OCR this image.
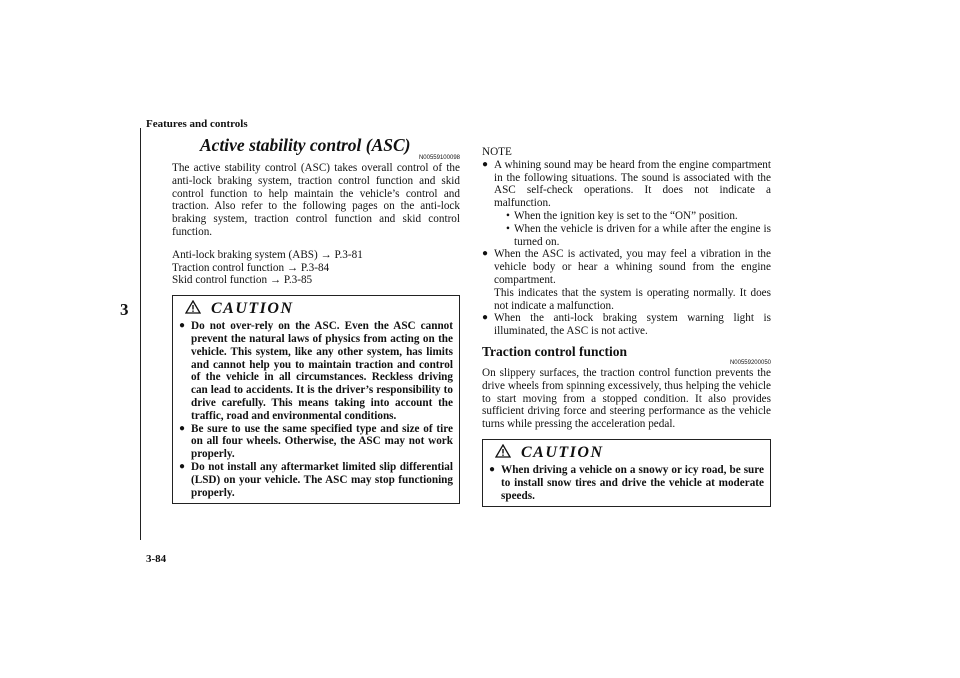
Features and controls
3
Active stability control (ASC)
N00559100098

The active stability control (ASC) takes overall control of the anti-lock braking system, traction control function and skid control function to help maintain the vehicle’s control and traction. Also refer to the following pages on the anti-lock braking system, traction control function and skid control function.

Anti-lock braking system (ABS) → P.3-81

Traction control function → P.3-84

Skid control function → P.3-85

CAUTION
● Do not over-rely on the ASC. Even the ASC cannot prevent the natural laws of physics from acting on the vehicle. This system, like any other system, has limits and cannot help you to maintain traction and control of the vehicle in all circumstances. Reckless driving can lead to accidents. It is the driver’s responsibility to drive carefully. This means taking into account the traffic, road and environmental conditions.
● Be sure to use the same specified type and size of tire on all four wheels. Otherwise, the ASC may not work properly.
● Do not install any aftermarket limited slip differential (LSD) on your vehicle. The ASC may stop functioning properly.
NOTE
● A whining sound may be heard from the engine compartment in the following situations. The sound is associated with the ASC self-check operations. It does not indicate a malfunction.

• When the ignition key is set to the “ON” position.
• When the vehicle is driven for a while after the engine is turned on.
● When the ASC is activated, you may feel a vibration in the vehicle body or hear a whining sound from the engine compartment.

This indicates that the system is operating normally. It does not indicate a malfunction.

● When the anti-lock braking system warning light is illuminated, the ASC is not active.

Traction control function
N00559200050

On slippery surfaces, the traction control function prevents the drive wheels from spinning excessively, thus helping the vehicle to start moving from a stopped condition. It also provides sufficient driving force and steering performance as the vehicle turns while pressing the acceleration pedal.

CAUTION
● When driving a vehicle on a snowy or icy road, be sure to install snow tires and drive the vehicle at moderate speeds.
3-84
